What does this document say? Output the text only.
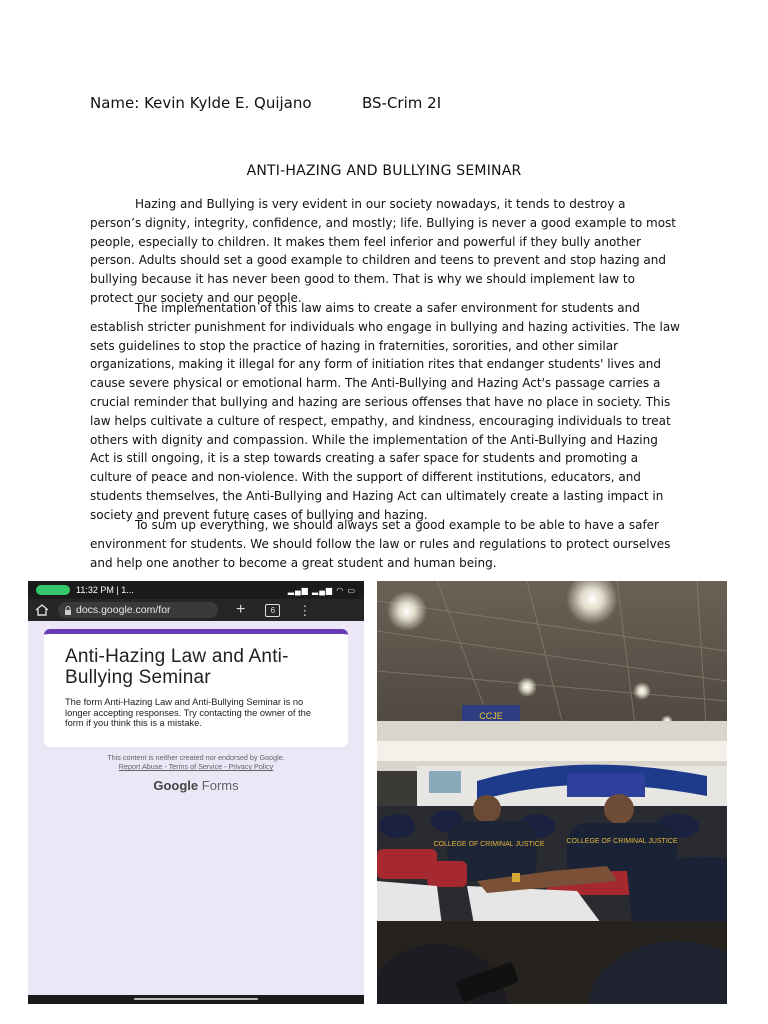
Name: Kevin Kylde E. Quijano	BS-Crim 2I
ANTI-HAZING AND BULLYING SEMINAR

Hazing and Bullying is very evident in our society nowadays, it tends to destroy a person’s dignity, integrity, confidence, and mostly; life. Bullying is never a good example to most people, especially to children. It makes them feel inferior and powerful if they bully another person. Adults should set a good example to children and teens to prevent and stop hazing and bullying because it has never been good to them. That is why we should implement law to protect our society and our people.

The implementation of this law aims to create a safer environment for students and establish stricter punishment for individuals who engage in bullying and hazing activities. The law sets guidelines to stop the practice of hazing in fraternities, sororities, and other similar organizations, making it illegal for any form of initiation rites that endanger students' lives and cause severe physical or emotional harm. The Anti-Bullying and Hazing Act's passage carries a crucial reminder that bullying and hazing are serious offenses that have no place in society. This law helps cultivate a culture of respect, empathy, and kindness, encouraging individuals to treat others with dignity and compassion. While the implementation of the Anti-Bullying and Hazing Act is still ongoing, it is a step towards creating a safer space for students and promoting a culture of peace and non-violence. With the support of different institutions, educators, and students themselves, the Anti-Bullying and Hazing Act can ultimately create a lasting impact in society and prevent future cases of bullying and hazing.

To sum up everything, we should always set a good example to be able to have a safer environment for students. We should follow the law or rules and regulations to protect ourselves and help one another to become a great student and human being.

11:32 PM | 1...	▂▄▆ ▂▄▆ ◠ ▭
docs.google.com/for	+	6	⋮

Anti-Hazing Law and Anti-Bullying Seminar

The form Anti-Hazing Law and Anti-Bullying Seminar is no longer accepting responses. Try contacting the owner of the form if you think this is a mistake.

This content is neither created nor endorsed by Google.
Report Abuse - Terms of Service - Privacy Policy
Google Forms
CCJE
COLLEGE OF CRIMINAL JUSTICE	COLLEGE OF CRIMINAL JUSTICE
